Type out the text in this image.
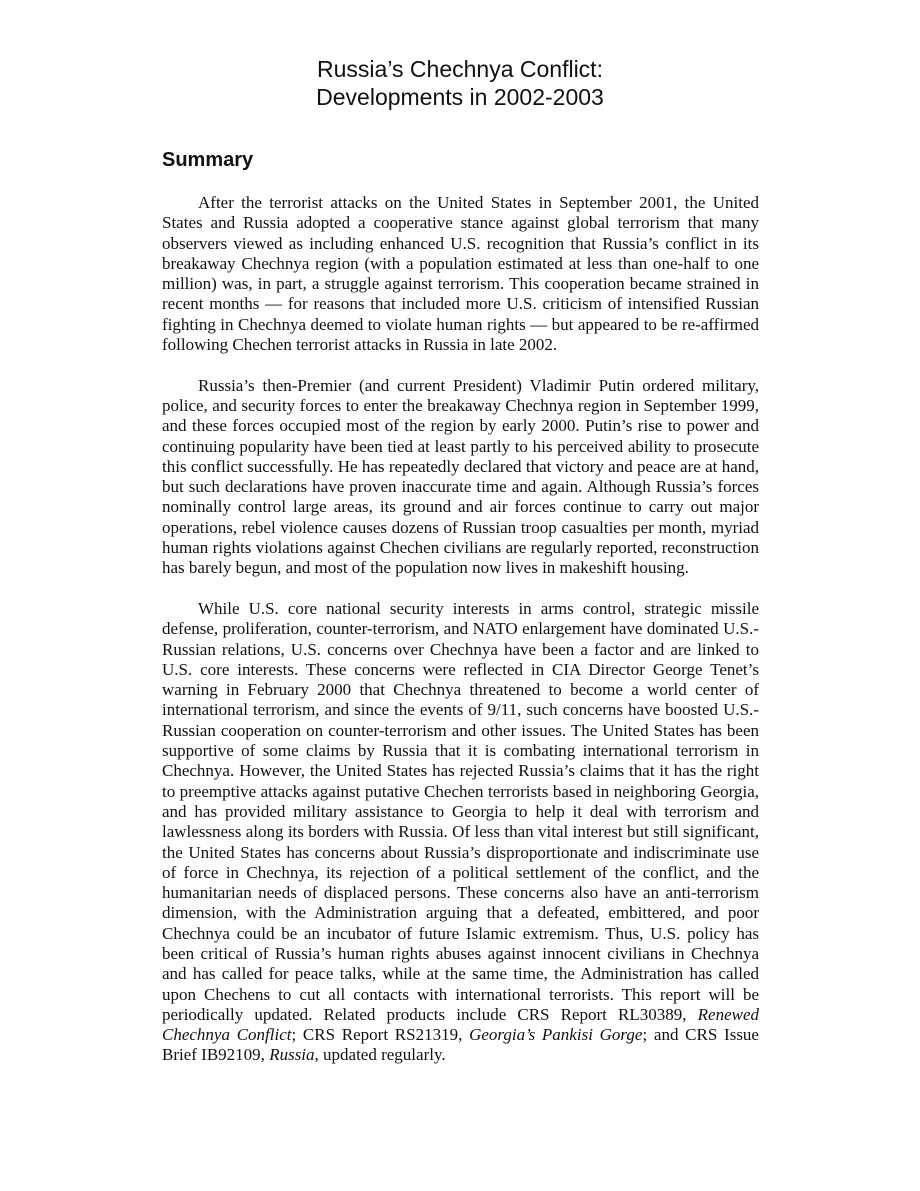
Russia’s Chechnya Conflict:
Developments in 2002-2003
Summary

After the terrorist attacks on the United States in September 2001, the United States and Russia adopted a cooperative stance against global terrorism that many observers viewed as including enhanced U.S. recognition that Russia’s conflict in its breakaway Chechnya region (with a population estimated at less than one-half to one million) was, in part, a struggle against terrorism. This cooperation became strained in recent months — for reasons that included more U.S. criticism of intensified Russian fighting in Chechnya deemed to violate human rights — but appeared to be re-affirmed following Chechen terrorist attacks in Russia in late 2002.

Russia’s then-Premier (and current President) Vladimir Putin ordered military, police, and security forces to enter the breakaway Chechnya region in September 1999, and these forces occupied most of the region by early 2000. Putin’s rise to power and continuing popularity have been tied at least partly to his perceived ability to prosecute this conflict successfully. He has repeatedly declared that victory and peace are at hand, but such declarations have proven inaccurate time and again. Although Russia’s forces nominally control large areas, its ground and air forces continue to carry out major operations, rebel violence causes dozens of Russian troop casualties per month, myriad human rights violations against Chechen civilians are regularly reported, reconstruction has barely begun, and most of the population now lives in makeshift housing.

While U.S. core national security interests in arms control, strategic missile defense, proliferation, counter-terrorism, and NATO enlargement have dominated U.S.-Russian relations, U.S. concerns over Chechnya have been a factor and are linked to U.S. core interests. These concerns were reflected in CIA Director George Tenet’s warning in February 2000 that Chechnya threatened to become a world center of international terrorism, and since the events of 9/11, such concerns have boosted U.S.-Russian cooperation on counter-terrorism and other issues. The United States has been supportive of some claims by Russia that it is combating international terrorism in Chechnya. However, the United States has rejected Russia’s claims that it has the right to preemptive attacks against putative Chechen terrorists based in neighboring Georgia, and has provided military assistance to Georgia to help it deal with terrorism and lawlessness along its borders with Russia. Of less than vital interest but still significant, the United States has concerns about Russia’s disproportionate and indiscriminate use of force in Chechnya, its rejection of a political settlement of the conflict, and the humanitarian needs of displaced persons. These concerns also have an anti-terrorism dimension, with the Administration arguing that a defeated, embittered, and poor Chechnya could be an incubator of future Islamic extremism. Thus, U.S. policy has been critical of Russia’s human rights abuses against innocent civilians in Chechnya and has called for peace talks, while at the same time, the Administration has called upon Chechens to cut all contacts with international terrorists. This report will be periodically updated. Related products include CRS Report RL30389, Renewed Chechnya Conflict; CRS Report RS21319, Georgia’s Pankisi Gorge; and CRS Issue Brief IB92109, Russia, updated regularly.
